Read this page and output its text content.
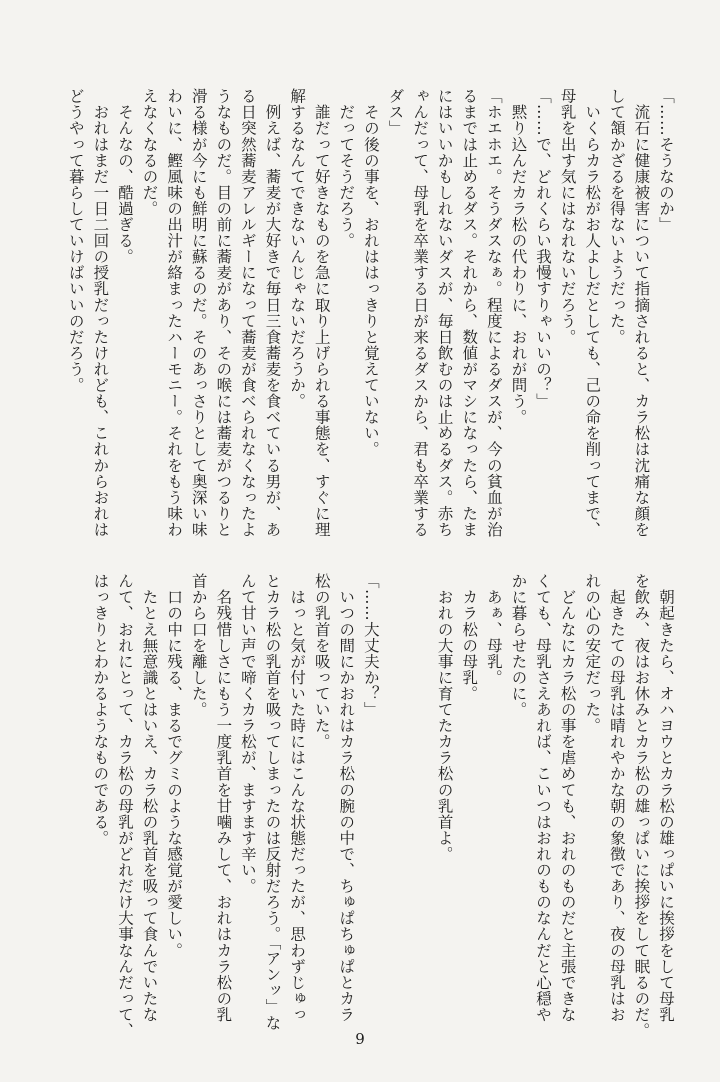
「……そうなのか」

　流石に健康被害について指摘されると、カラ松は沈痛な顔を

して頷かざるを得ないようだった。

　いくらカラ松がお人よしだとしても、己の命を削ってまで、

母乳を出す気にはなれないだろう。

「……で、どれくらい我慢すりゃいいの？」

　黙り込んだカラ松の代わりに、おれが問う。

「ホエホエ。そうダスなぁ。程度によるダスが、今の貧血が治

るまでは止めるダス。それから、数値がマシになったら、たま

にはいいかもしれないダスが、毎日飲むのは止めるダス。赤ち

ゃんだって、母乳を卒業する日が来るダスから、君も卒業する

ダス」

　その後の事を、おれははっきりと覚えていない。

　だってそうだろう。

　誰だって好きなものを急に取り上げられる事態を、すぐに理

解するなんてできないんじゃないだろうか。

　例えば、蕎麦が大好きで毎日三食蕎麦を食べている男が、あ

る日突然蕎麦アレルギーになって蕎麦が食べられなくなったよ

うなものだ。目の前に蕎麦があり、その喉には蕎麦がつるりと

滑る様が今にも鮮明に蘇るのだ。そのあっさりとして奥深い味

わいに、鰹風味の出汁が絡まったハーモニー。それをもう味わ

えなくなるのだ。

　そんなの、酷過ぎる。

　おれはまだ一日二回の授乳だったけれども、これからおれは

どうやって暮らしていけばいいのだろう。

　朝起きたら、オハヨウとカラ松の雄っぱいに挨拶をして母乳

を飲み、夜はお休みとカラ松の雄っぱいに挨拶をして眠るのだ。

　起きたての母乳は晴れやかな朝の象徴であり、夜の母乳はお

れの心の安定だった。

　どんなにカラ松の事を虐めても、おれのものだと主張できな

くても、母乳さえあれば、こいつはおれのものなんだと心穏や

かに暮らせたのに。

　あぁ、母乳。

　カラ松の母乳。

　おれの大事に育てたカラ松の乳首よ。

「……大丈夫か？」

　いつの間にかおれはカラ松の腕の中で、ちゅぱちゅぱとカラ

松の乳首を吸っていた。

　はっと気が付いた時にはこんな状態だったが、思わずじゅっ

とカラ松の乳首を吸ってしまったのは反射だろう。「アンッ」な

んて甘い声で啼くカラ松が、ますます辛い。

　名残惜しさにもう一度乳首を甘噛みして、おれはカラ松の乳

首から口を離した。

　口の中に残る、まるでグミのような感覚が愛しい。

　たとえ無意識とはいえ、カラ松の乳首を吸って食んでいたな

んて、おれにとって、カラ松の母乳がどれだけ大事なんだって、

はっきりとわかるようなものである。

9
